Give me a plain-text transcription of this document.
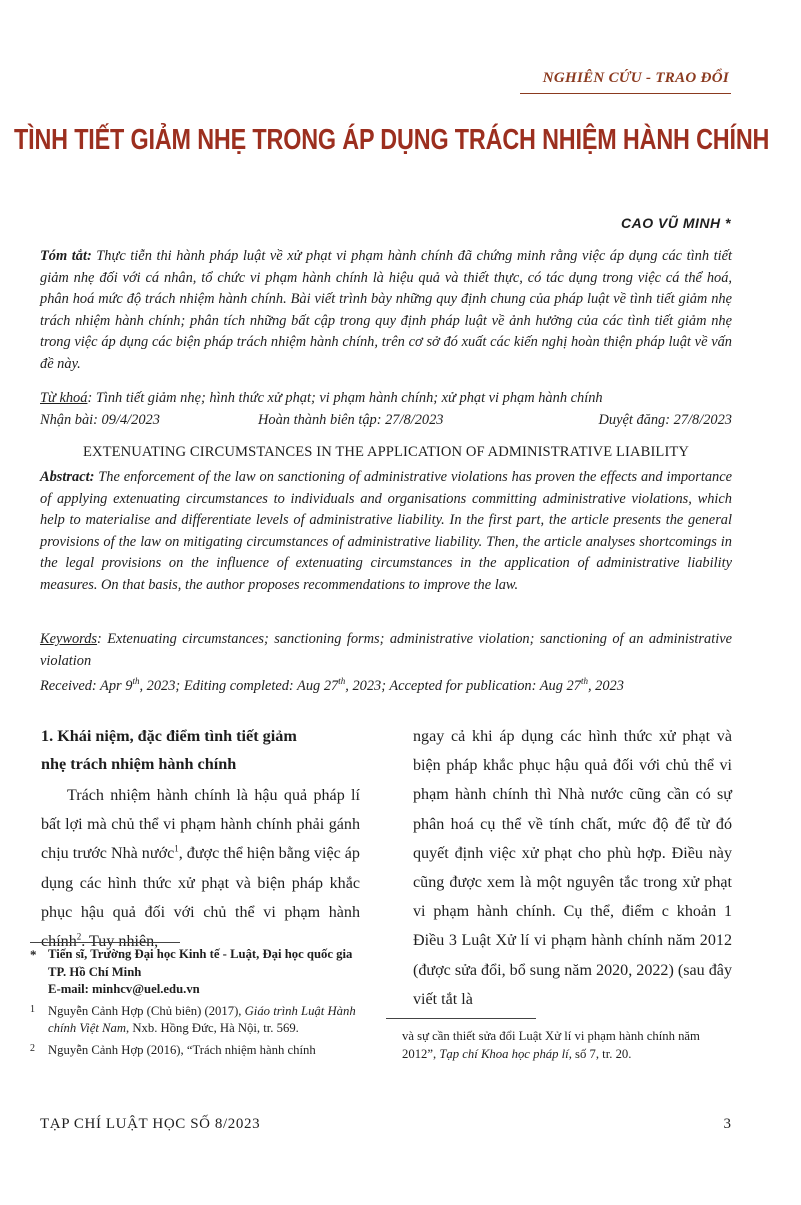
NGHIÊN CỨU - TRAO ĐỔI
TÌNH TIẾT GIẢM NHẸ TRONG ÁP DỤNG TRÁCH NHIỆM HÀNH CHÍNH
CAO VŨ MINH *
Tóm tắt: Thực tiễn thi hành pháp luật về xử phạt vi phạm hành chính đã chứng minh rằng việc áp dụng các tình tiết giảm nhẹ đối với cá nhân, tổ chức vi phạm hành chính là hiệu quả và thiết thực, có tác dụng trong việc cá thể hoá, phân hoá mức độ trách nhiệm hành chính. Bài viết trình bày những quy định chung của pháp luật về tình tiết giảm nhẹ trách nhiệm hành chính; phân tích những bất cập trong quy định pháp luật về ảnh hưởng của các tình tiết giảm nhẹ trong việc áp dụng các biện pháp trách nhiệm hành chính, trên cơ sở đó xuất các kiến nghị hoàn thiện pháp luật về vấn đề này.
Từ khoá: Tình tiết giảm nhẹ; hình thức xử phạt; vi phạm hành chính; xử phạt vi phạm hành chính
Nhận bài: 09/4/2023	Hoàn thành biên tập: 27/8/2023	Duyệt đăng: 27/8/2023
EXTENUATING CIRCUMSTANCES IN THE APPLICATION OF ADMINISTRATIVE LIABILITY
Abstract: The enforcement of the law on sanctioning of administrative violations has proven the effects and importance of applying extenuating circumstances to individuals and organisations committing administrative violations, which help to materialise and differentiate levels of administrative liability. In the first part, the article presents the general provisions of the law on mitigating circumstances of administrative liability. Then, the article analyses shortcomings in the legal provisions on the influence of extenuating circumstances in the application of administrative liability measures. On that basis, the author proposes recommendations to improve the law.
Keywords: Extenuating circumstances; sanctioning forms; administrative violation; sanctioning of an administrative violation
Received: Apr 9th, 2023; Editing completed: Aug 27th, 2023; Accepted for publication: Aug 27th, 2023
1. Khái niệm, đặc điểm tình tiết giảm
nhẹ trách nhiệm hành chính
Trách nhiệm hành chính là hậu quả pháp lí bất lợi mà chủ thể vi phạm hành chính phải gánh chịu trước Nhà nước$^1$, được thể hiện bằng việc áp dụng các hình thức xử phạt và biện pháp khắc phục hậu quả đối với chủ thể vi phạm hành chính$^2$. Tuy nhiên,
ngay cả khi áp dụng các hình thức xử phạt và biện pháp khắc phục hậu quả đối với chủ thể vi phạm hành chính thì Nhà nước cũng cần có sự phân hoá cụ thể về tính chất, mức độ để từ đó quyết định việc xử phạt cho phù hợp. Điều này cũng được xem là một nguyên tắc trong xử phạt vi phạm hành chính. Cụ thể, điểm c khoản 1 Điều 3 Luật Xử lí vi phạm hành chính năm 2012 (được sửa đổi, bổ sung năm 2020, 2022) (sau đây viết tắt là
* Tiến sĩ, Trường Đại học Kinh tế - Luật, Đại học quốc gia TP. Hồ Chí Minh
E-mail: minhcv@uel.edu.vn
1 Nguyễn Cảnh Hợp (Chủ biên) (2017), Giáo trình Luật Hành chính Việt Nam, Nxb. Hồng Đức, Hà Nội, tr. 569.
2 Nguyễn Cảnh Hợp (2016), “Trách nhiệm hành chính
và sự cần thiết sửa đổi Luật Xử lí vi phạm hành chính năm 2012”, Tạp chí Khoa học pháp lí, số 7, tr. 20.
TẠP CHÍ LUẬT HỌC SỐ 8/2023	3
